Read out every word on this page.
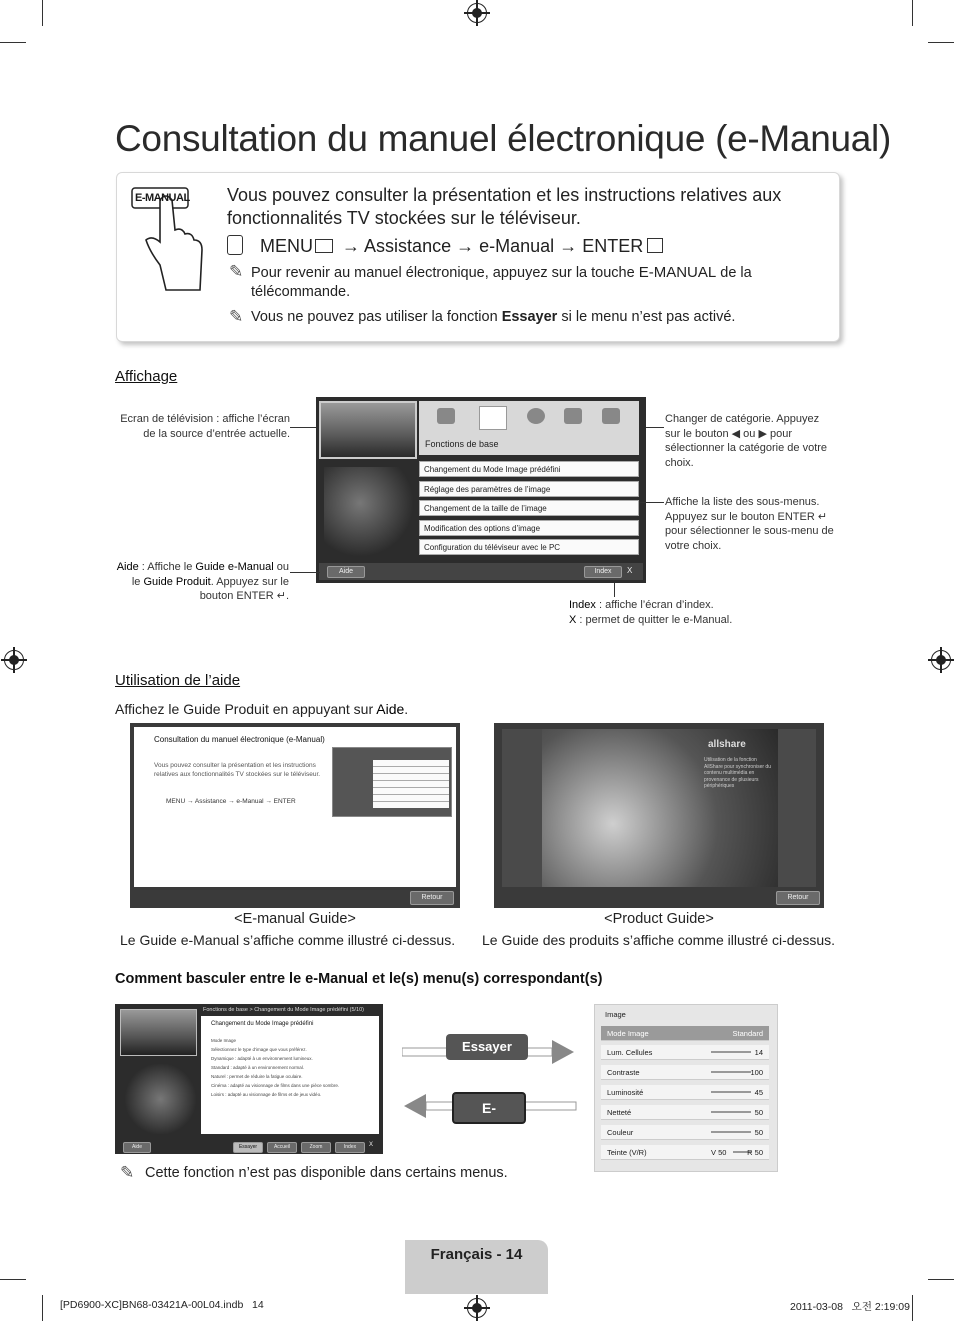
Consultation du manuel électronique (e-Manual)
E-MANUAL Vous pouvez consulter la présentation et les instructions relatives aux fonctionnalités TV stockées sur le téléviseur.
MENU → Assistance → e-Manual → ENTER
✎ Pour revenir au manuel électronique, appuyez sur la touche E-MANUAL de la télécommande.
✎ Vous ne pouvez pas utiliser la fonction Essayer si le menu n’est pas activé.
Affichage
Ecran de télévision : affiche l’écran de la source d’entrée actuelle.
Fonctions de base
Changement du Mode Image prédéfini
Réglage des paramètres de l’image
Changement de la taille de l’image
Modification des options d’image
Configuration du téléviseur avec le PC
Aide	Index	X
Changer de catégorie. Appuyez sur le bouton ◀ ou ▶ pour sélectionner la catégorie de votre choix.
Affiche la liste des sous-menus. Appuyez sur le bouton ENTER ↵ pour sélectionner le sous-menu de votre choix.
Aide : Affiche le Guide e-Manual ou le Guide Produit. Appuyez sur le bouton ENTER ↵.
Index : affiche l’écran d’index.
X : permet de quitter le e-Manual.
Utilisation de l’aide
Affichez le Guide Produit en appuyant sur Aide.
Consultation du manuel électronique (e-Manual)
Vous pouvez consulter la présentation et les instructions relatives aux fonctionnalités TV stockées sur le téléviseur.
MENU → Assistance → e-Manual → ENTER
Retour
allshare
Utilisation de la fonction AllShare pour synchroniser du contenu multimédia en provenance de plusieurs périphériques
Retour
<E-manual Guide>	<Product Guide>
Le Guide e-Manual s’affiche comme illustré ci-dessus. Le Guide des produits s’affiche comme illustré ci-dessus.
Comment basculer entre le e-Manual et le(s) menu(s) correspondant(s)
Fonctions de base > Changement du Mode Image prédéfini (5/10)
Changement du Mode Image prédéfini
Mode Image
Sélectionnez le type d’image que vous préférez.
Dynamique : adapté à un environnement lumineux.
Standard : adapté à un environnement normal.
Naturel : permet de réduire la fatigue oculaire.
Cinéma : adapté au visionnage de films dans une pièce sombre.
Loisirs : adapté au visionnage de films et de jeux vidéo.
Aide	Essayer	Accueil	Zoom	Index	X
Essayer
E-MANUAL
Image
Mode Image	Standard
Lum. Cellules	14
Contraste	100
Luminosité	45
Netteté	50
Couleur	50
Teinte (V/R)	V 50	R 50
✎ Cette fonction n’est pas disponible dans certains menus.
Français - 14
[PD6900-XC]BN68-03421A-00L04.indb   14	2011-03-08   오전 2:19:09
